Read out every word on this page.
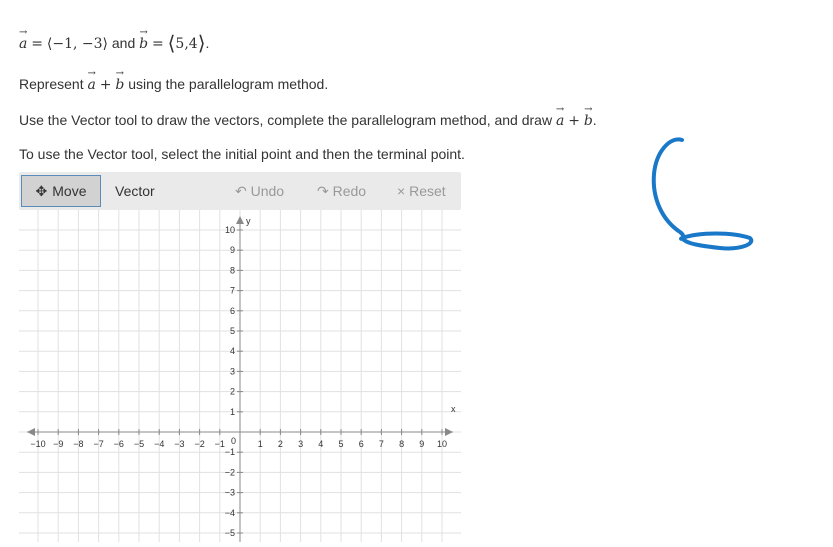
→ a = ⟨−1, −3⟩ and → b = ⟨5,4⟩.
Represent → a + → b using the parallelogram method.
Use the Vector tool to draw the vectors, complete the parallelogram method, and draw → a + → b.
To use the Vector tool, select the initial point and then the terminal point.
✥ Move Vector	↶ Undo ↷ Redo × Reset
−10 −9 −8 −7 −6 −5 −4 −3 −2 −1	1 2 3 4 5 6 7 8 9 10
−5
−4
−3
−2
−1
1
2
3
4
5
6
7
8
9
10
0
x
y
